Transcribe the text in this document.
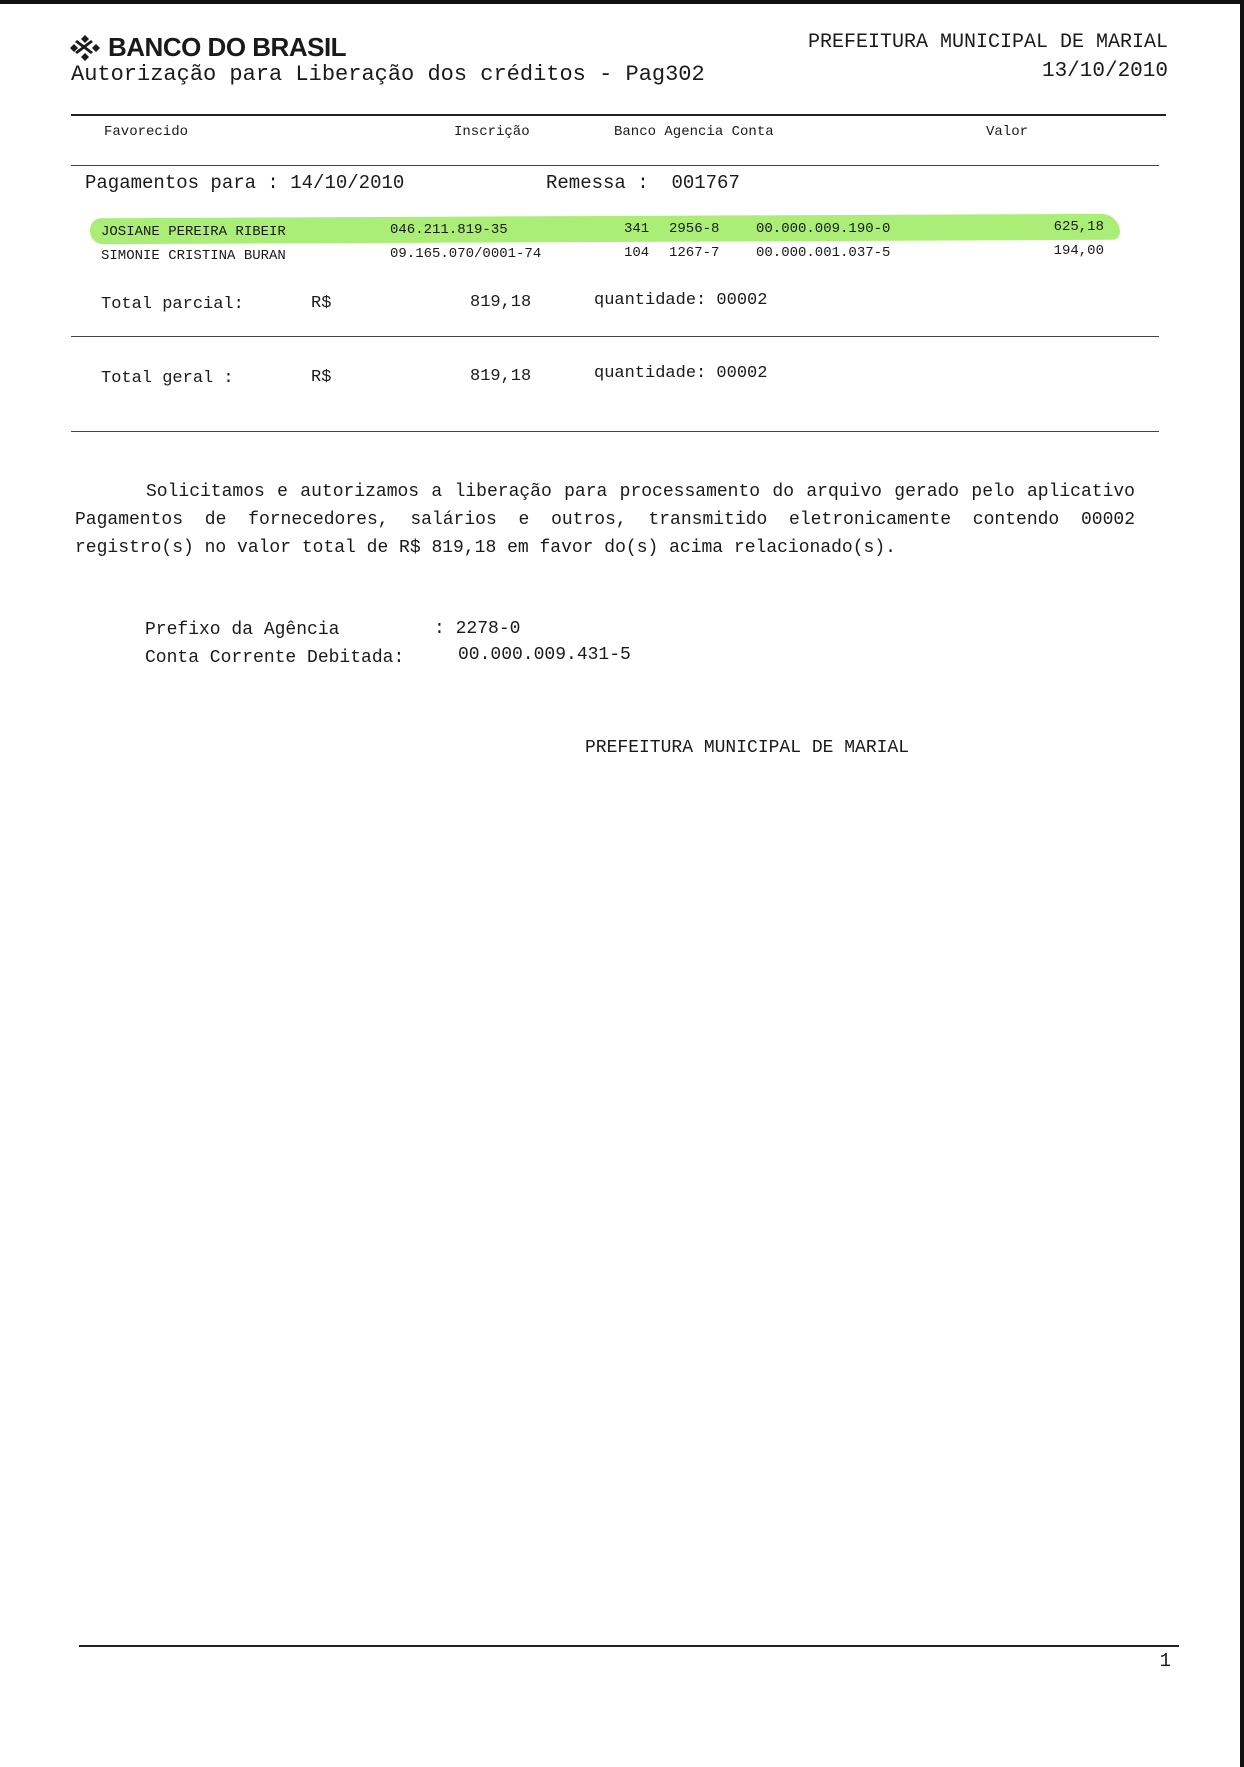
BANCO DO BRASIL
Autorização para Liberação dos créditos - Pag302
PREFEITURA MUNICIPAL DE MARIAL
13/10/2010
Favorecido	Inscrição	Banco Agencia Conta	Valor
Pagamentos para : 14/10/2010	Remessa :  001767
JOSIANE PEREIRA RIBEIR	046.211.819-35	341 2956-8	00.000.009.190-0	625,18
SIMONIE CRISTINA BURAN	09.165.070/0001-74	104 1267-7	00.000.001.037-5	194,00
Total parcial:	R$	819,18	quantidade: 00002
Total geral :	R$	819,18	quantidade: 00002

Solicitamos e autorizamos a liberação para processamento do arquivo gerado pelo aplicativo Pagamentos de fornecedores, salários e outros, transmitido eletronicamente contendo 00002 registro(s) no valor total de R$ 819,18 em favor do(s) acima relacionado(s).

Prefixo da Agência	: 2278-0
Conta Corrente Debitada:	00.000.009.431-5
PREFEITURA MUNICIPAL DE MARIAL
1
